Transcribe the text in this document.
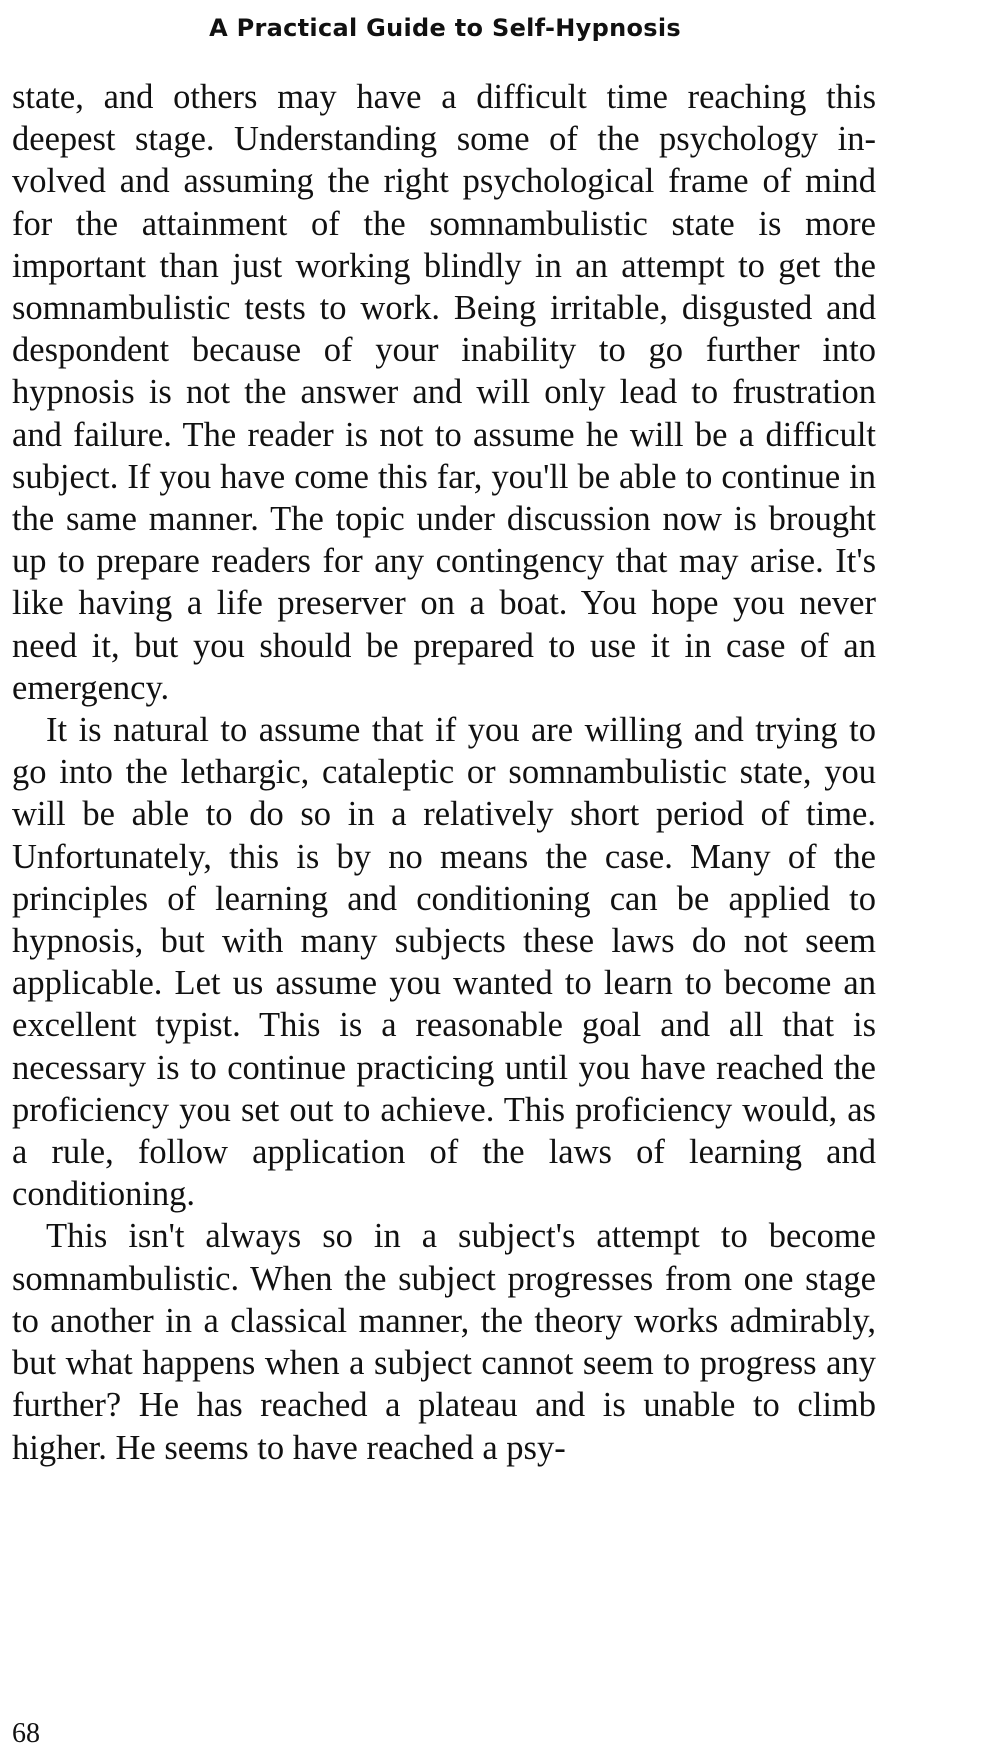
A Practical Guide to Self-Hypnosis

state, and others may have a difficult time reaching this deepest stage. Understanding some of the psychology in-volved and assuming the right psychological frame of mind for the attainment of the somnambulistic state is more important than just working blindly in an attempt to get the somnambulistic tests to work. Being irritable, disgusted and despondent because of your inability to go further into hypnosis is not the answer and will only lead to frustration and failure. The reader is not to assume he will be a difficult subject. If you have come this far, you'll be able to continue in the same manner. The topic under discussion now is brought up to prepare readers for any contingency that may arise. It's like having a life preserver on a boat. You hope you never need it, but you should be prepared to use it in case of an emergency.

It is natural to assume that if you are willing and trying to go into the lethargic, cataleptic or somnambulistic state, you will be able to do so in a relatively short period of time. Unfortunately, this is by no means the case. Many of the principles of learning and conditioning can be applied to hypnosis, but with many subjects these laws do not seem applicable. Let us assume you wanted to learn to become an excellent typist. This is a reasonable goal and all that is necessary is to continue practicing until you have reached the proficiency you set out to achieve. This proficiency would, as a rule, follow application of the laws of learning and conditioning.

This isn't always so in a subject's attempt to become somnambulistic. When the subject progresses from one stage to another in a classical manner, the theory works admirably, but what happens when a subject cannot seem to progress any further? He has reached a plateau and is unable to climb higher. He seems to have reached a psy-

68
